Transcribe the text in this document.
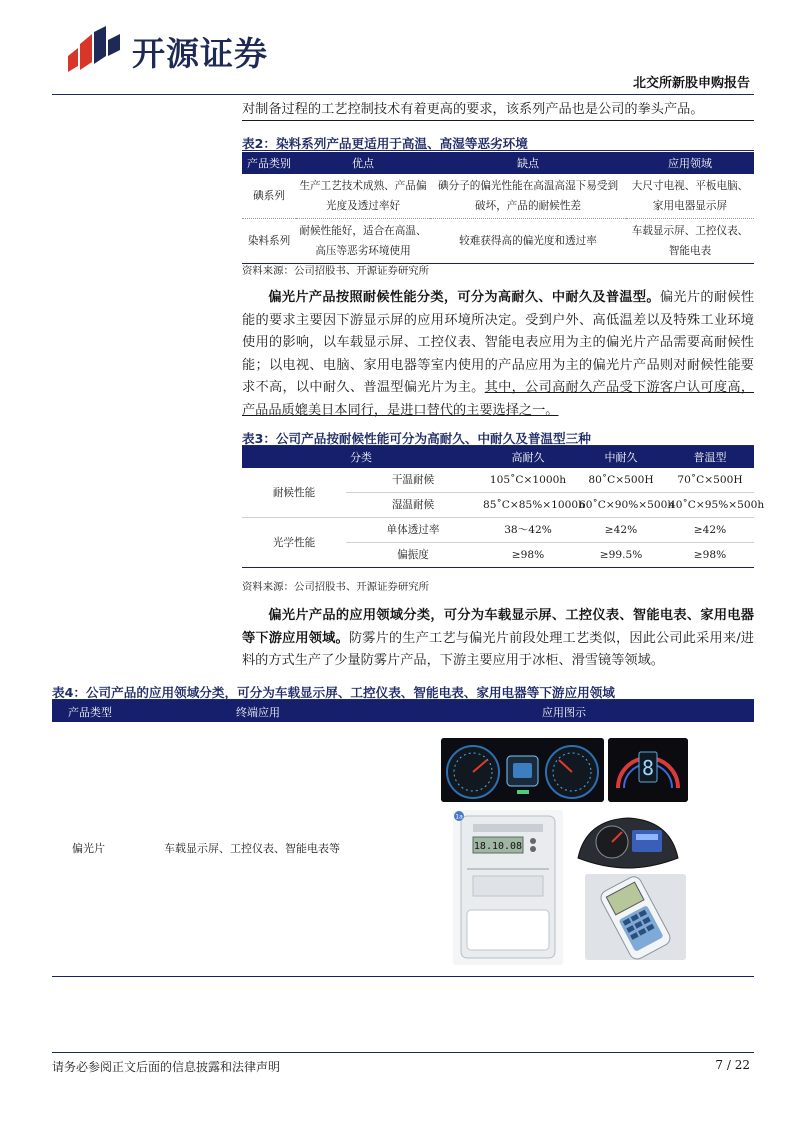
开源证券
北交所新股申购报告
对制备过程的工艺控制技术有着更高的要求，该系列产品也是公司的拳头产品。
表2：染料系列产品更适用于高温、高湿等恶劣环境
产品类别	优点	缺点	应用领域
碘系列	生产工艺技术成熟、产品偏光度及透过率好	碘分子的偏光性能在高温高湿下易受到破坏，产品的耐候性差	大尺寸电视、平板电脑、家用电器显示屏
染料系列	耐候性能好，适合在高温、高压等恶劣环境使用	较难获得高的偏光度和透过率	车载显示屏、工控仪表、智能电表
资料来源：公司招股书、开源证券研究所
偏光片产品按照耐候性能分类，可分为高耐久、中耐久及普温型。偏光片的耐候性能的要求主要因下游显示屏的应用环境所决定。受到户外、高低温差以及特殊工业环境使用的影响，以车载显示屏、工控仪表、智能电表应用为主的偏光片产品需要高耐候性能；以电视、电脑、家用电器等室内使用的产品应用为主的偏光片产品则对耐候性能要求不高，以中耐久、普温型偏光片为主。其中，公司高耐久产品受下游客户认可度高，产品品质媲美日本同行，是进口替代的主要选择之一。
表3：公司产品按耐候性能可分为高耐久、中耐久及普温型三种
分类		高耐久	中耐久	普温型
耐候性能	干温耐候	105˚C×1000h	80˚C×500H	70˚C×500H
	湿温耐候	85˚C×85%×1000h	60˚C×90%×500h	40˚C×95%×500h
光学性能	单体透过率	38～42%	≥42%	≥42%
	偏振度	≥98%	≥99.5%	≥98%
资料来源：公司招股书、开源证券研究所
偏光片产品的应用领域分类，可分为车载显示屏、工控仪表、智能电表、家用电器等下游应用领域。防雾片的生产工艺与偏光片前段处理工艺类似，因此公司此采用来/进料的方式生产了少量防雾片产品，下游主要应用于冰柜、滑雪镜等领域。
表4：公司产品的应用领域分类，可分为车载显示屏、工控仪表、智能电表、家用电器等下游应用领域
产品类型	终端应用	应用图示
偏光片	车载显示屏、工控仪表、智能电表等
8
18.10.08
1a
请务必参阅正文后面的信息披露和法律声明	7 / 22
